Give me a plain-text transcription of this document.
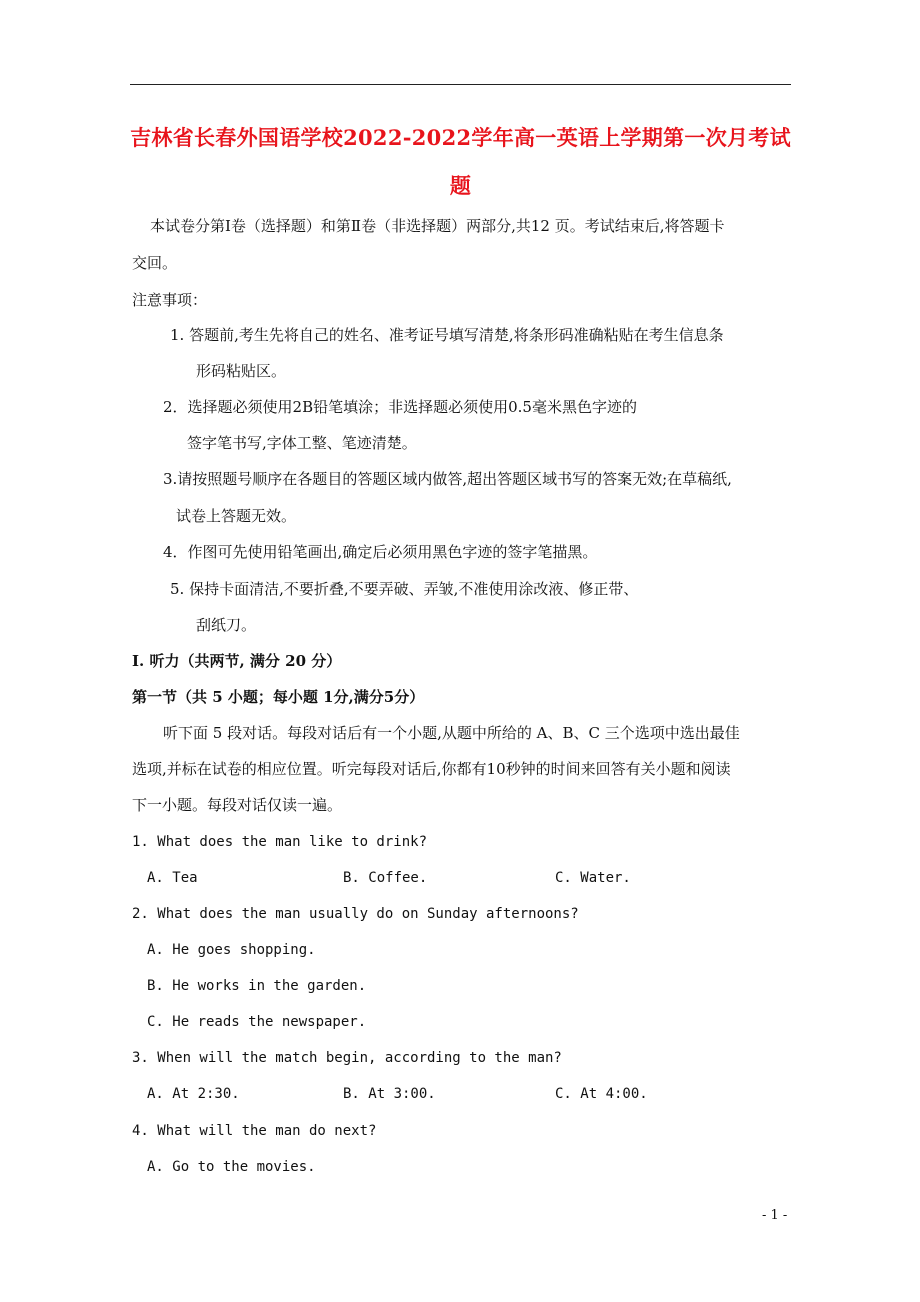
吉林省长春外国语学校2022-2022学年高一英语上学期第一次月考试
题
本试卷分第Ⅰ卷（选择题）和第Ⅱ卷（非选择题）两部分,共12 页。考试结束后,将答题卡
交回。
注意事项：
1. 答题前,考生先将自己的姓名、准考证号填写清楚,将条形码准确粘贴在考生信息条
形码粘贴区。
2．选择题必须使用2B铅笔填涂；非选择题必须使用0.5毫米黑色字迹的
签字笔书写,字体工整、笔迹清楚。
3.请按照题号顺序在各题目的答题区域内做答,超出答题区域书写的答案无效;在草稿纸,
试卷上答题无效。
4．作图可先使用铅笔画出,确定后必须用黑色字迹的签字笔描黑。
5. 保持卡面清洁,不要折叠,不要弄破、弄皱,不准使用涂改液、修正带、
刮纸刀。
I. 听力（共两节, 满分 20 分）
第一节（共 5 小题；每小题 1分,满分5分）
听下面 5 段对话。每段对话后有一个小题,从题中所给的 A、B、C 三个选项中选出最佳
选项,并标在试卷的相应位置。听完每段对话后,你都有10秒钟的时间来回答有关小题和阅读
下一小题。每段对话仅读一遍。
1. What does the man like to drink?
A. Tea	B. Coffee.	C. Water.
2. What does the man usually do on Sunday afternoons?
A. He goes shopping.
B. He works in the garden.
C. He reads the newspaper.
3. When will the match begin, according to the man?
A. At 2:30.	B. At 3:00.	C. At 4:00.
4. What will the man do next?
A. Go to the movies.
- 1 -
